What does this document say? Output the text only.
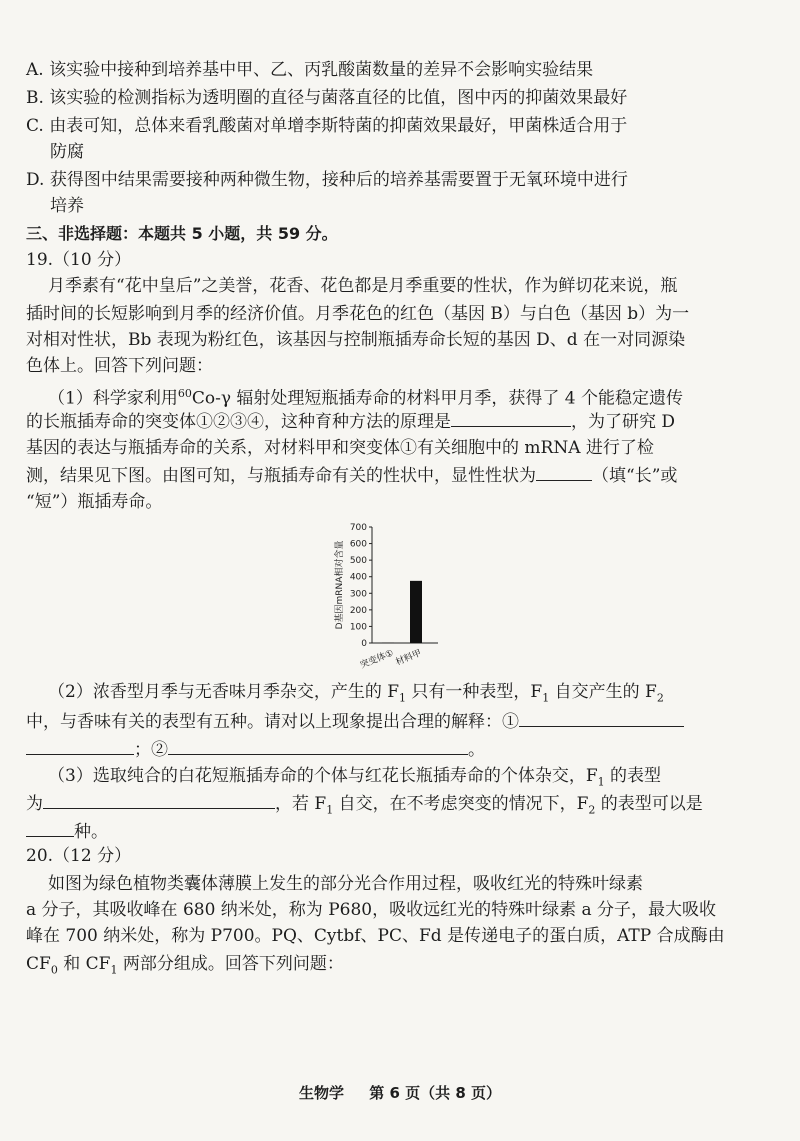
A. 该实验中接种到培养基中甲、乙、丙乳酸菌数量的差异不会影响实验结果
B. 该实验的检测指标为透明圈的直径与菌落直径的比值，图中丙的抑菌效果最好
C. 由表可知，总体来看乳酸菌对单增李斯特菌的抑菌效果最好，甲菌株适合用于
防腐
D. 获得图中结果需要接种两种微生物，接种后的培养基需要置于无氧环境中进行
培养
三、非选择题：本题共 5 小题，共 59 分。
19.（10 分）
月季素有“花中皇后”之美誉，花香、花色都是月季重要的性状，作为鲜切花来说，瓶
插时间的长短影响到月季的经济价值。月季花色的红色（基因 B）与白色（基因 b）为一
对相对性状，Bb 表现为粉红色，该基因与控制瓶插寿命长短的基因 D、d 在一对同源染
色体上。回答下列问题：
（1）科学家利用$^{60}$Co-γ 辐射处理短瓶插寿命的材料甲月季，获得了 4 个能稳定遗传
的长瓶插寿命的突变体①②③④，这种育种方法的原理是	，为了研究 D
基因的表达与瓶插寿命的关系，对材料甲和突变体①有关细胞中的 mRNA 进行了检
测，结果见下图。由图可知，与瓶插寿命有关的性状中，显性性状为	（填“长”或
“短”）瓶插寿命。
0
100
200
300
400
500
600
700
D基因mRNA相对含量
突变体① 材料甲
（2）浓香型月季与无香味月季杂交，产生的 $F_1$ 只有一种表型，$F_1$ 自交产生的 $F_2$
中，与香味有关的表型有五种。请对以上现象提出合理的解释：①
；②	。
（3）选取纯合的白花短瓶插寿命的个体与红花长瓶插寿命的个体杂交，$F_1$ 的表型
为	，若 $F_1$ 自交，在不考虑突变的情况下，$F_2$ 的表型可以是
种。
20.（12 分）
如图为绿色植物类囊体薄膜上发生的部分光合作用过程，吸收红光的特殊叶绿素
a 分子，其吸收峰在 680 纳米处，称为 P680，吸收远红光的特殊叶绿素 a 分子，最大吸收
峰在 700 纳米处，称为 P700。PQ、Cytbf、PC、Fd 是传递电子的蛋白质，ATP 合成酶由
$CF_0$ 和 $CF_1$ 两部分组成。回答下列问题：
生物学 第 6 页（共 8 页）
